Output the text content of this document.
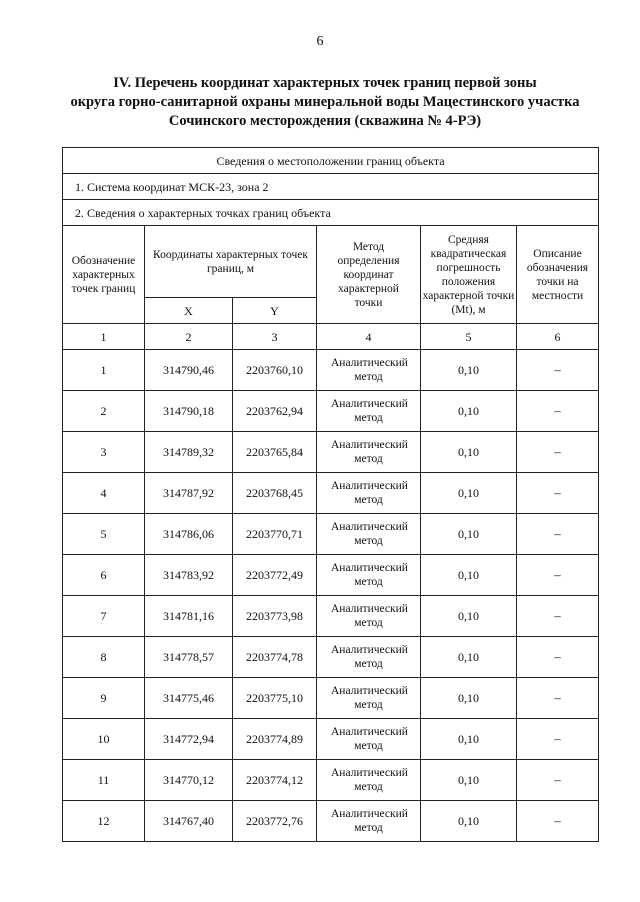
6
IV. Перечень координат характерных точек границ первой зоны
округа горно-санитарной охраны минеральной воды Мацестинского участка
Сочинского месторождения (скважина № 4-РЭ)
Сведения о местоположении границ объекта					
1. Система координат МСК-23, зона 2					
2. Сведения о характерных точках границ объекта					
Обозначение характерных точек границ	Координаты характерных точек границ, м		Метод определения координат характерной точки	Средняя квадратическая погрешность положения характерной точки (Mt), м	Описание обозначения точки на местности
	X	Y			
1	2	3	4	5	6
1	314790,46	2203760,10	Аналитический метод	0,10	–
2	314790,18	2203762,94	Аналитический метод	0,10	–
3	314789,32	2203765,84	Аналитический метод	0,10	–
4	314787,92	2203768,45	Аналитический метод	0,10	–
5	314786,06	2203770,71	Аналитический метод	0,10	–
6	314783,92	2203772,49	Аналитический метод	0,10	–
7	314781,16	2203773,98	Аналитический метод	0,10	–
8	314778,57	2203774,78	Аналитический метод	0,10	–
9	314775,46	2203775,10	Аналитический метод	0,10	–
10	314772,94	2203774,89	Аналитический метод	0,10	–
11	314770,12	2203774,12	Аналитический метод	0,10	–
12	314767,40	2203772,76	Аналитический метод	0,10	–
